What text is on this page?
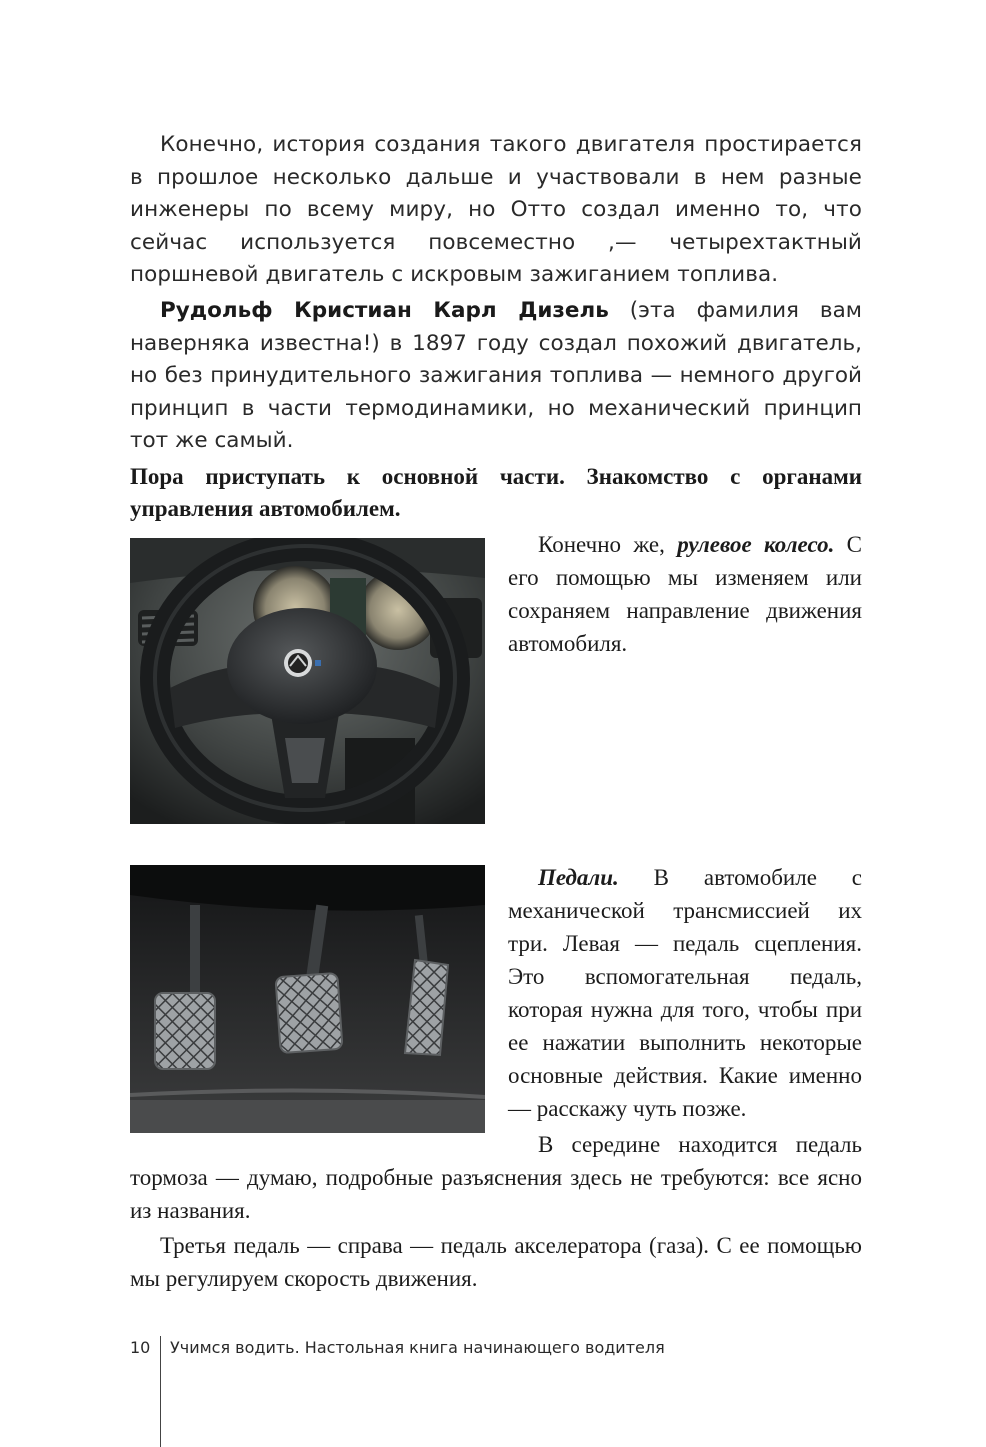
Конечно, история создания такого двигателя простирается в прошлое несколько дальше и участвовали в нем разные инженеры по всему миру, но Отто создал именно то, что сейчас используется повсеместно ,— четырехтактный поршневой двигатель с искровым зажиганием топлива.

Рудольф Кристиан Карл Дизель (эта фамилия вам наверняка известна!) в 1897 году создал похожий двигатель, но без принудительного зажигания топлива — немного другой принцип в части термодинамики, но механический принцип тот же самый.

Пора приступать к основной части. Знакомство с органами управления автомобилем.

Конечно же, рулевое колесо. С его помощью мы изменяем или сохраняем направление движения автомобиля.

Педали. В автомобиле с механической трансмиссией их три. Левая — педаль сцепления. Это вспомогательная педаль, которая нужна для того, чтобы при ее нажатии выполнить некоторые основные действия. Какие именно — расскажу чуть позже.

В середине находится педаль
тормоза — думаю, подробные разъяснения здесь не требуются: все ясно из названия.

Третья педаль — справа — педаль акселератора (газа). С ее помощью мы регулируем скорость движения.

10	Учимся водить. Настольная книга начинающего водителя
